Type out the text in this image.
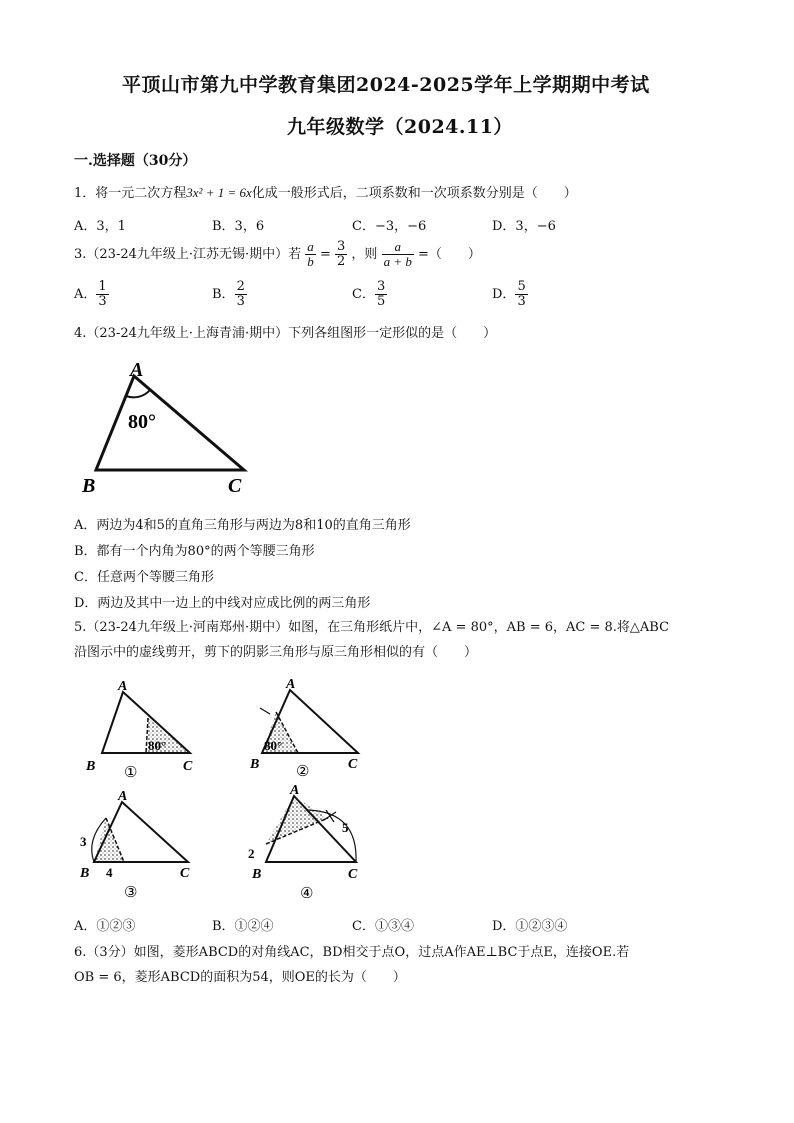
平顶山市第九中学教育集团2024-2025学年上学期期中考试
九年级数学（2024.11）
一.选择题（30分）
1．将一元二次方程3x² + 1 = 6x化成一般形式后，二项系数和一次项系数分别是（　　）
A．3，1	B．3，6	C．−3，−6	D．3，−6
3.（23-24九年级上·江苏无锡·期中）若 $\frac{a}{b} = \frac{3}{2}$ ，则 $\frac{a}{a + b}$ =（　　）
A． $\frac{1}{3}$	B． $\frac{2}{3}$	C． $\frac{3}{5}$	D． $\frac{5}{3}$
4.（23-24九年级上·上海青浦·期中）下列各组图形一定形似的是（　　）
A
80°
B	C
A．两边为4和5的直角三角形与两边为8和10的直角三角形
B．都有一个内角为80°的两个等腰三角形
C．任意两个等腰三角形
D．两边及其中一边上的中线对应成比例的两三角形
5.（23-24九年级上·河南郑州·期中）如图，在三角形纸片中，∠A = 80°，AB = 6，AC = 8.将△ABC
沿图示中的虚线剪开，剪下的阴影三角形与原三角形相似的有（　　）
A
80°
B	C
①
A
80°
B	C
②
A
3
4
B	C
③
A
2
5
B	C
④
A．①②③	B．①②④	C．①③④	D．①②③④
6.（3分）如图，菱形ABCD的对角线AC，BD相交于点O，过点A作AE⊥BC于点E，连接OE.若
OB = 6，菱形ABCD的面积为54，则OE的长为（　　）
